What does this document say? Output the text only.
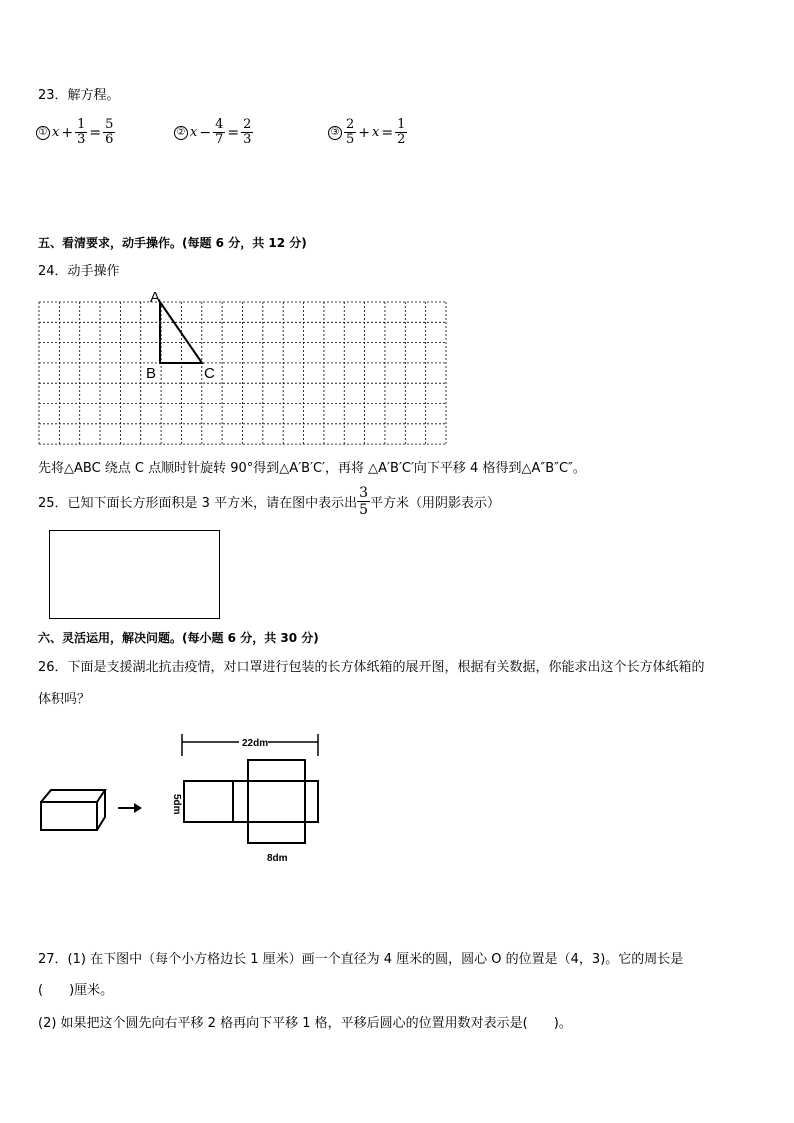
23．解方程。
① $x + \frac{1}{3} = \frac{5}{6}$	② $x - \frac{4}{7} = \frac{2}{3}$	③ $\frac{2}{5} + x = \frac{1}{2}$
五、看清要求，动手操作。(每题 6 分，共 12 分)
24．动手操作
A
B	C
先将△ABC 绕点 C 点顺时针旋转 90°得到△A′B′C′，再将 △A′B′C′向下平移 4 格得到△A″B″C″。
25．已知下面长方形面积是 3 平方米，请在图中表示出 $\frac{3}{5}$ 平方米（用阴影表示）
六、灵活运用，解决问题。(每小题 6 分，共 30 分)
26．下面是支援湖北抗击疫情，对口罩进行包装的长方体纸箱的展开图，根据有关数据，你能求出这个长方体纸箱的
体积吗？
22dm
5dm
8dm
27．(1) 在下图中（每个小方格边长 1 厘米）画一个直径为 4 厘米的圆，圆心 O 的位置是（4，3)。它的周长是
(　　)厘米。
(2) 如果把这个圆先向右平移 2 格再向下平移 1 格，平移后圆心的位置用数对表示是(　　)。
